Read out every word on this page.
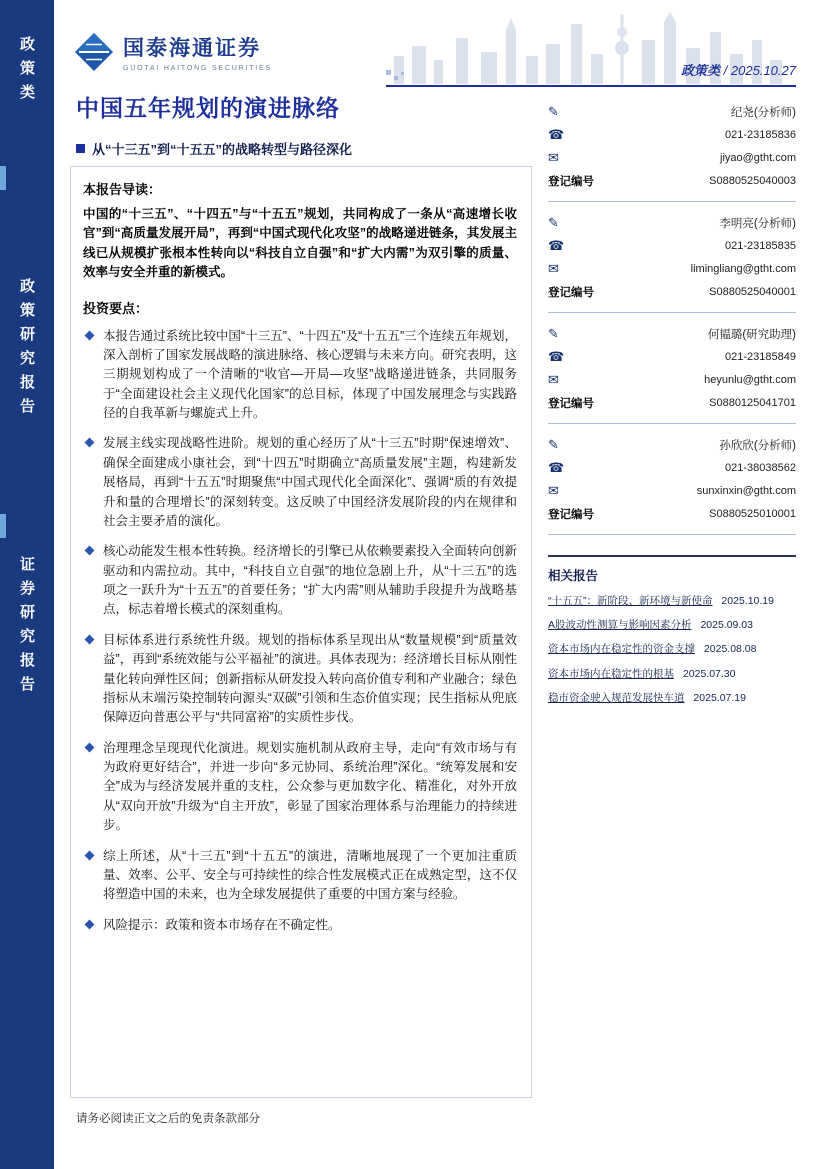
政策类
政策研究报告
证券研究报告
国泰海通证券
GUOTAI HAITONG SECURITIES	政策类 / 2025.10.27
中国五年规划的演进脉络
从“十三五”到“十五五”的战略转型与路径深化
本报告导读：
中国的“十三五”、“十四五”与“十五五”规划，共同构成了一条从“高速增长收官”到“高质量发展开局”，再到“中国式现代化攻坚”的战略递进链条，其发展主线已从规模扩张根本性转向以“科技自立自强”和“扩大内需”为双引擎的质量、效率与安全并重的新模式。
投资要点：
本报告通过系统比较中国“十三五”、“十四五”及“十五五”三个连续五年规划，深入剖析了国家发展战略的演进脉络、核心逻辑与未来方向。研究表明，这三期规划构成了一个清晰的“收官—开局—攻坚”战略递进链条，共同服务于“全面建设社会主义现代化国家”的总目标，体现了中国发展理念与实践路径的自我革新与螺旋式上升。
发展主线实现战略性进阶。规划的重心经历了从“十三五”时期“保速增效”、确保全面建成小康社会，到“十四五”时期确立“高质量发展”主题，构建新发展格局，再到“十五五”时期聚焦“中国式现代化全面深化”、强调“质的有效提升和量的合理增长”的深刻转变。这反映了中国经济发展阶段的内在规律和社会主要矛盾的演化。
核心动能发生根本性转换。经济增长的引擎已从依赖要素投入全面转向创新驱动和内需拉动。其中，“科技自立自强”的地位急剧上升，从“十三五”的选项之一跃升为“十五五”的首要任务；“扩大内需”则从辅助手段提升为战略基点，标志着增长模式的深刻重构。
目标体系进行系统性升级。规划的指标体系呈现出从“数量规模”到“质量效益”，再到“系统效能与公平福祉”的演进。具体表现为：经济增长目标从刚性量化转向弹性区间；创新指标从研发投入转向高价值专利和产业融合；绿色指标从末端污染控制转向源头“双碳”引领和生态价值实现；民生指标从兜底保障迈向普惠公平与“共同富裕”的实质性步伐。
治理理念呈现现代化演进。规划实施机制从政府主导，走向“有效市场与有为政府更好结合”，并进一步向“多元协同、系统治理”深化。“统筹发展和安全”成为与经济发展并重的支柱，公众参与更加数字化、精准化，对外开放从“双向开放”升级为“自主开放”，彰显了国家治理体系与治理能力的持续进步。
综上所述，从“十三五”到“十五五”的演进，清晰地展现了一个更加注重质量、效率、公平、安全与可持续性的综合性发展模式正在成熟定型，这不仅将塑造中国的未来，也为全球发展提供了重要的中国方案与经验。
风险提示：政策和资本市场存在不确定性。
✎	纪尧(分析师)
☎	021-23185836
✉	jiyao@gtht.com
登记编号	S0880525040003
✎	李明亮(分析师)
☎	021-23185835
✉	limingliang@gtht.com
登记编号	S0880525040001
✎	何韫璐(研究助理)
☎	021-23185849
✉	heyunlu@gtht.com
登记编号	S0880125041701
✎	孙欣欣(分析师)
☎	021-38038562
✉	sunxinxin@gtht.com
登记编号	S0880525010001
相关报告
“十五五”：新阶段、新环境与新使命 2025.10.19
A股波动性测算与影响因素分析 2025.09.03
资本市场内在稳定性的资金支撑 2025.08.08
资本市场内在稳定性的根基 2025.07.30
稳市资金驶入规范发展快车道 2025.07.19
请务必阅读正文之后的免责条款部分
